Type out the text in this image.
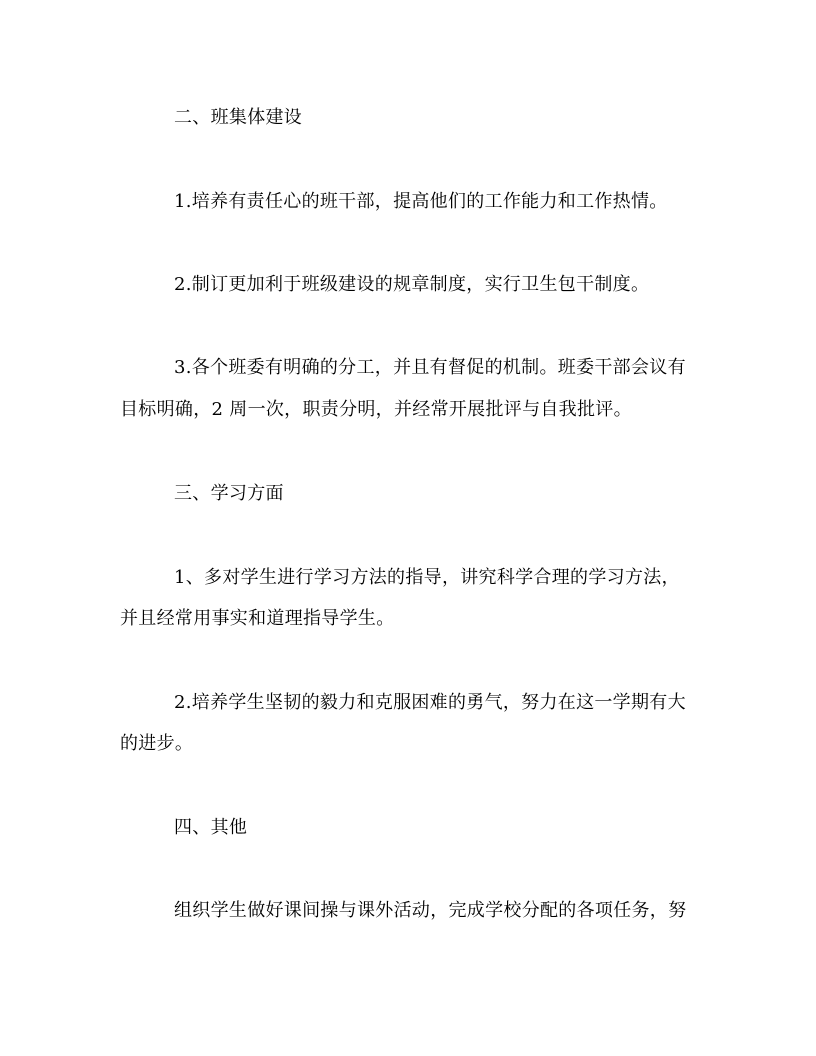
二、班集体建设
1.培养有责任心的班干部，提高他们的工作能力和工作热情。
2.制订更加利于班级建设的规章制度，实行卫生包干制度。
3.各个班委有明确的分工，并且有督促的机制。班委干部会议有
目标明确，2 周一次，职责分明，并经常开展批评与自我批评。
三、学习方面
1、多对学生进行学习方法的指导，讲究科学合理的学习方法，
并且经常用事实和道理指导学生。
2.培养学生坚韧的毅力和克服困难的勇气，努力在这一学期有大
的进步。
四、其他
组织学生做好课间操与课外活动，完成学校分配的各项任务，努
